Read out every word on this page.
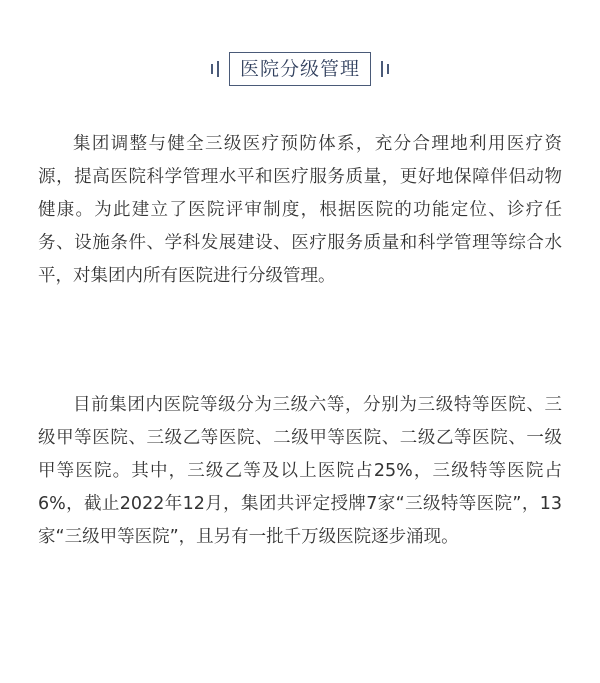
医院分级管理

集团调整与健全三级医疗预防体系，充分合理地利用医疗资源，提高医院科学管理水平和医疗服务质量，更好地保障伴侣动物健康。为此建立了医院评审制度，根据医院的功能定位、诊疗任务、设施条件、学科发展建设、医疗服务质量和科学管理等综合水平，对集团内所有医院进行分级管理。

目前集团内医院等级分为三级六等，分别为三级特等医院、三级甲等医院、三级乙等医院、二级甲等医院、二级乙等医院、一级甲等医院。其中，三级乙等及以上医院占25%，三级特等医院占6%，截止2022年12月，集团共评定授牌7家“三级特等医院”，13家“三级甲等医院”，且另有一批千万级医院逐步涌现。
